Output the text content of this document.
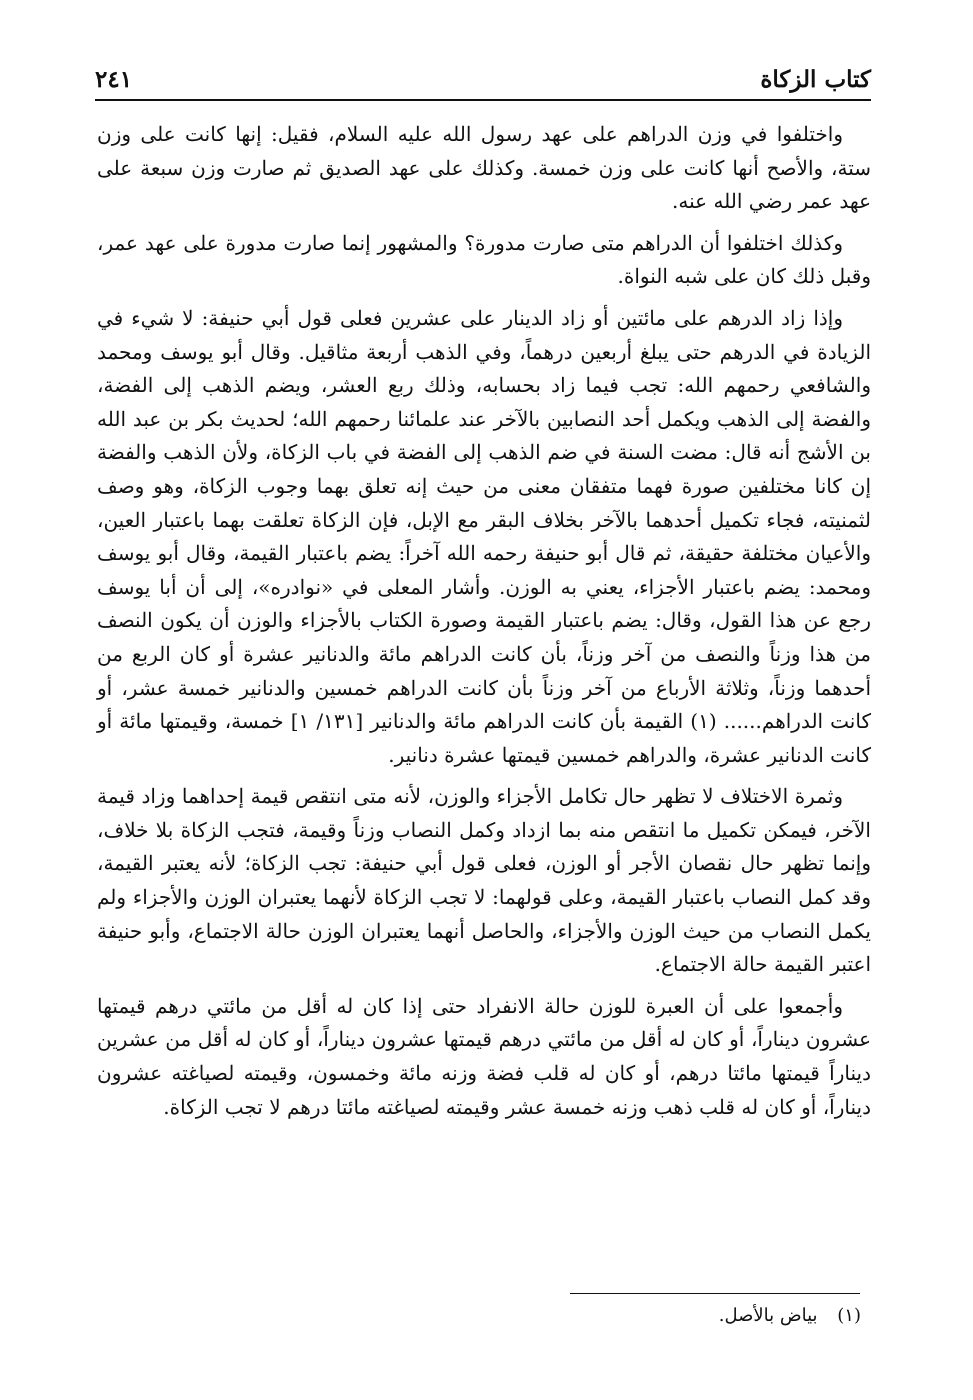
٢٤١	كتاب الزكاة

واختلفوا في وزن الدراهم على عهد رسول الله عليه السلام، فقيل: إنها كانت على وزن ستة، والأصح أنها كانت على وزن خمسة. وكذلك على عهد الصديق ثم صارت وزن سبعة على عهد عمر رضي الله عنه.

وكذلك اختلفوا أن الدراهم متى صارت مدورة؟ والمشهور إنما صارت مدورة على عهد عمر، وقبل ذلك كان على شبه النواة.

وإذا زاد الدرهم على مائتين أو زاد الدينار على عشرين فعلى قول أبي حنيفة: لا شيء في الزيادة في الدرهم حتى يبلغ أربعين درهماً، وفي الذهب أربعة مثاقيل. وقال أبو يوسف ومحمد والشافعي رحمهم الله: تجب فيما زاد بحسابه، وذلك ربع العشر، ويضم الذهب إلى الفضة، والفضة إلى الذهب ويكمل أحد النصابين بالآخر عند علمائنا رحمهم الله؛ لحديث بكر بن عبد الله بن الأشج أنه قال: مضت السنة في ضم الذهب إلى الفضة في باب الزكاة، ولأن الذهب والفضة إن كانا مختلفين صورة فهما متفقان معنى من حيث إنه تعلق بهما وجوب الزكاة، وهو وصف لثمنيته، فجاء تكميل أحدهما بالآخر بخلاف البقر مع الإبل، فإن الزكاة تعلقت بهما باعتبار العين، والأعيان مختلفة حقيقة، ثم قال أبو حنيفة رحمه الله آخراً: يضم باعتبار القيمة، وقال أبو يوسف ومحمد: يضم باعتبار الأجزاء، يعني به الوزن. وأشار المعلى في «نوادره»، إلى أن أبا يوسف رجع عن هذا القول، وقال: يضم باعتبار القيمة وصورة الكتاب بالأجزاء والوزن أن يكون النصف من هذا وزناً والنصف من آخر وزناً، بأن كانت الدراهم مائة والدنانير عشرة أو كان الربع من أحدهما وزناً، وثلاثة الأرباع من آخر وزناً بأن كانت الدراهم خمسين والدنانير خمسة عشر، أو كانت الدراهم...... (١) القيمة بأن كانت الدراهم مائة والدنانير [١٣١/ ١] خمسة، وقيمتها مائة أو كانت الدنانير عشرة، والدراهم خمسين قيمتها عشرة دنانير.

وثمرة الاختلاف لا تظهر حال تكامل الأجزاء والوزن، لأنه متى انتقص قيمة إحداهما وزاد قيمة الآخر، فيمكن تكميل ما انتقص منه بما ازداد وكمل النصاب وزناً وقيمة، فتجب الزكاة بلا خلاف، وإنما تظهر حال نقصان الأجر أو الوزن، فعلى قول أبي حنيفة: تجب الزكاة؛ لأنه يعتبر القيمة، وقد كمل النصاب باعتبار القيمة، وعلى قولهما: لا تجب الزكاة لأنهما يعتبران الوزن والأجزاء ولم يكمل النصاب من حيث الوزن والأجزاء، والحاصل أنهما يعتبران الوزن حالة الاجتماع، وأبو حنيفة اعتبر القيمة حالة الاجتماع.

وأجمعوا على أن العبرة للوزن حالة الانفراد حتى إذا كان له أقل من مائتي درهم قيمتها عشرون ديناراً، أو كان له أقل من مائتي درهم قيمتها عشرون ديناراً، أو كان له أقل من عشرين ديناراً قيمتها مائتا درهم، أو كان له قلب فضة وزنه مائة وخمسون، وقيمته لصياغته عشرون ديناراً، أو كان له قلب ذهب وزنه خمسة عشر وقيمته لصياغته مائتا درهم لا تجب الزكاة.

(١) بياض بالأصل.
